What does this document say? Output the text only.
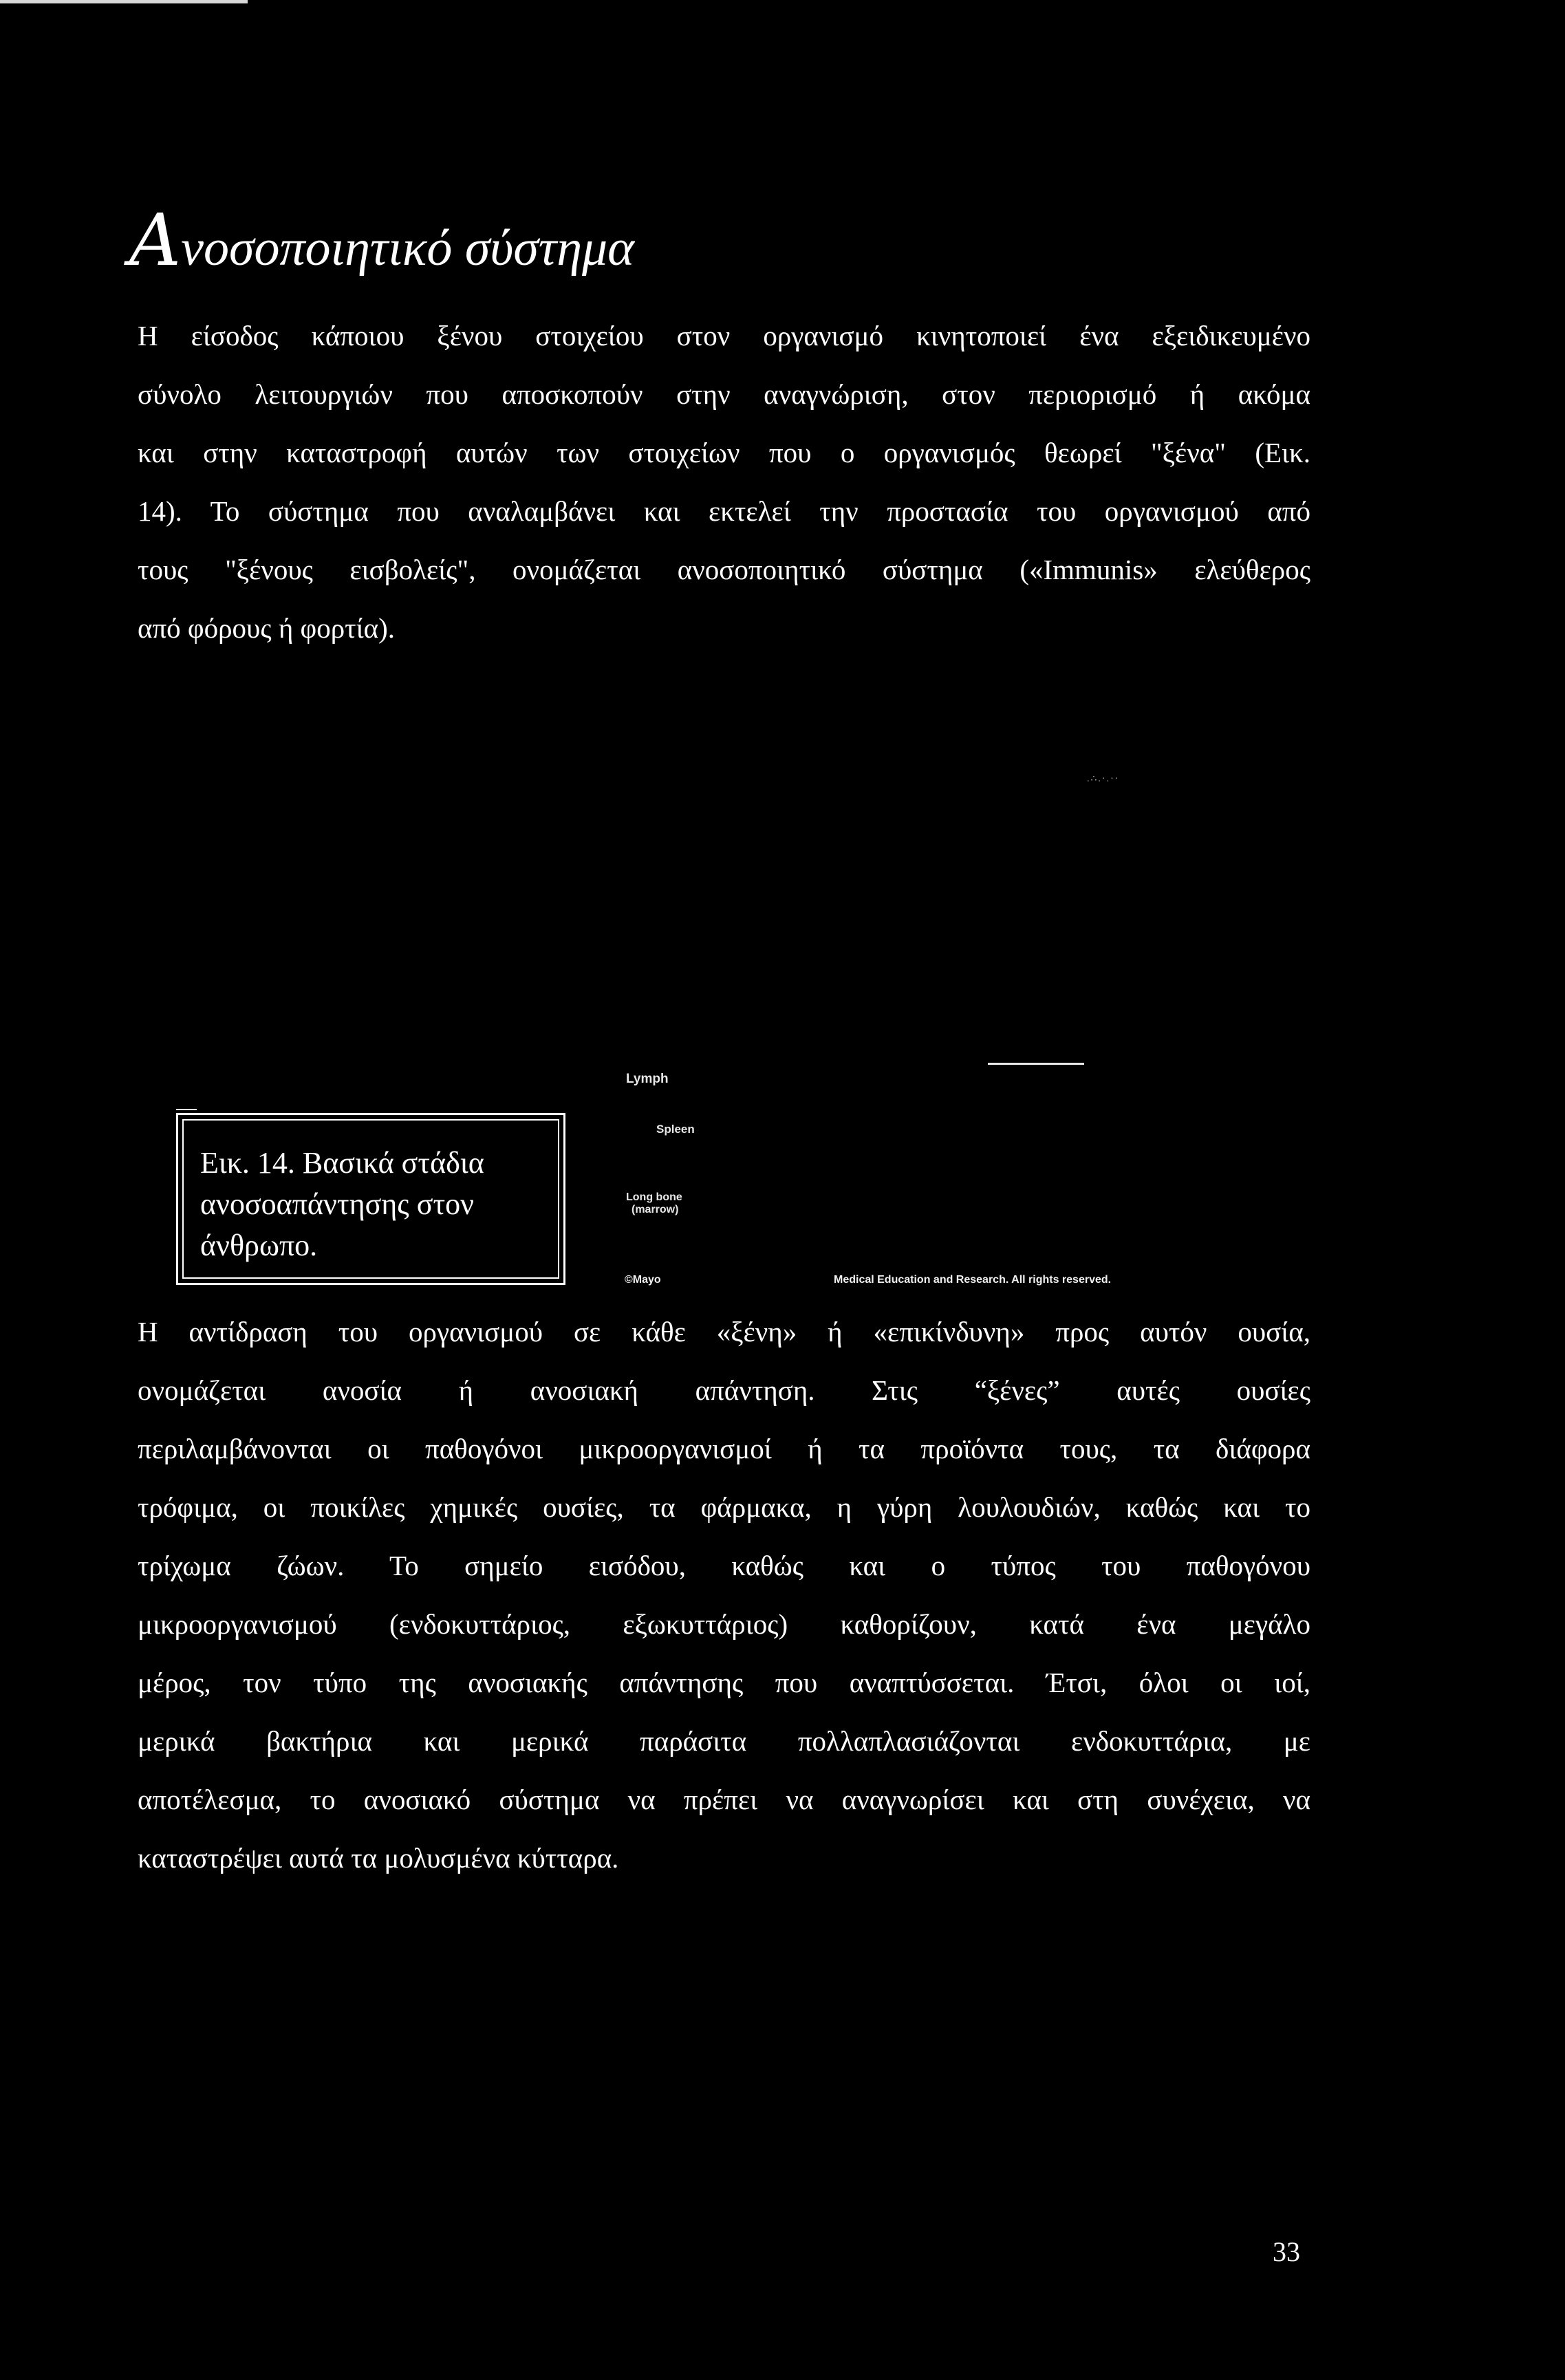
Ανοσοποιητικό σύστημα
Η είσοδος κάποιου ξένου στοιχείου στον οργανισμό κινητοποιεί ένα εξειδικευμένο
σύνολο λειτουργιών που αποσκοπούν στην αναγνώριση, στον περιορισμό ή ακόμα
και στην καταστροφή αυτών των στοιχείων που ο οργανισμός θεωρεί "ξένα" (Εικ.
14). Το σύστημα που αναλαμβάνει και εκτελεί την προστασία του οργανισμού από
τους "ξένους εισβολείς", ονομάζεται ανοσοποιητικό σύστημα («Immunis» ελεύθερος
από φόρους ή φορτία).
.∴.·.··
Εικ. 14. Βασικά στάδια ανοσοαπάντησης στον άνθρωπο.
Lymph
Spleen
Long bone
(marrow)
©Mayo	Medical Education and Research. All rights reserved.
Η αντίδραση του οργανισμού σε κάθε «ξένη» ή «επικίνδυνη» προς αυτόν ουσία,
ονομάζεται ανοσία ή ανοσιακή απάντηση. Στις “ξένες” αυτές ουσίες
περιλαμβάνονται οι παθογόνοι μικροοργανισμοί ή τα προϊόντα τους, τα διάφορα
τρόφιμα, οι ποικίλες χημικές ουσίες, τα φάρμακα, η γύρη λουλουδιών, καθώς και το
τρίχωμα ζώων. Το σημείο εισόδου, καθώς και ο τύπος του παθογόνου
μικροοργανισμού (ενδοκυττάριος, εξωκυττάριος) καθορίζουν, κατά ένα μεγάλο
μέρος, τον τύπο της ανοσιακής απάντησης που αναπτύσσεται. Έτσι, όλοι οι ιοί,
μερικά βακτήρια και μερικά παράσιτα πολλαπλασιάζονται ενδοκυττάρια, με
αποτέλεσμα, το ανοσιακό σύστημα να πρέπει να αναγνωρίσει και στη συνέχεια, να
καταστρέψει αυτά τα μολυσμένα κύτταρα.
33
